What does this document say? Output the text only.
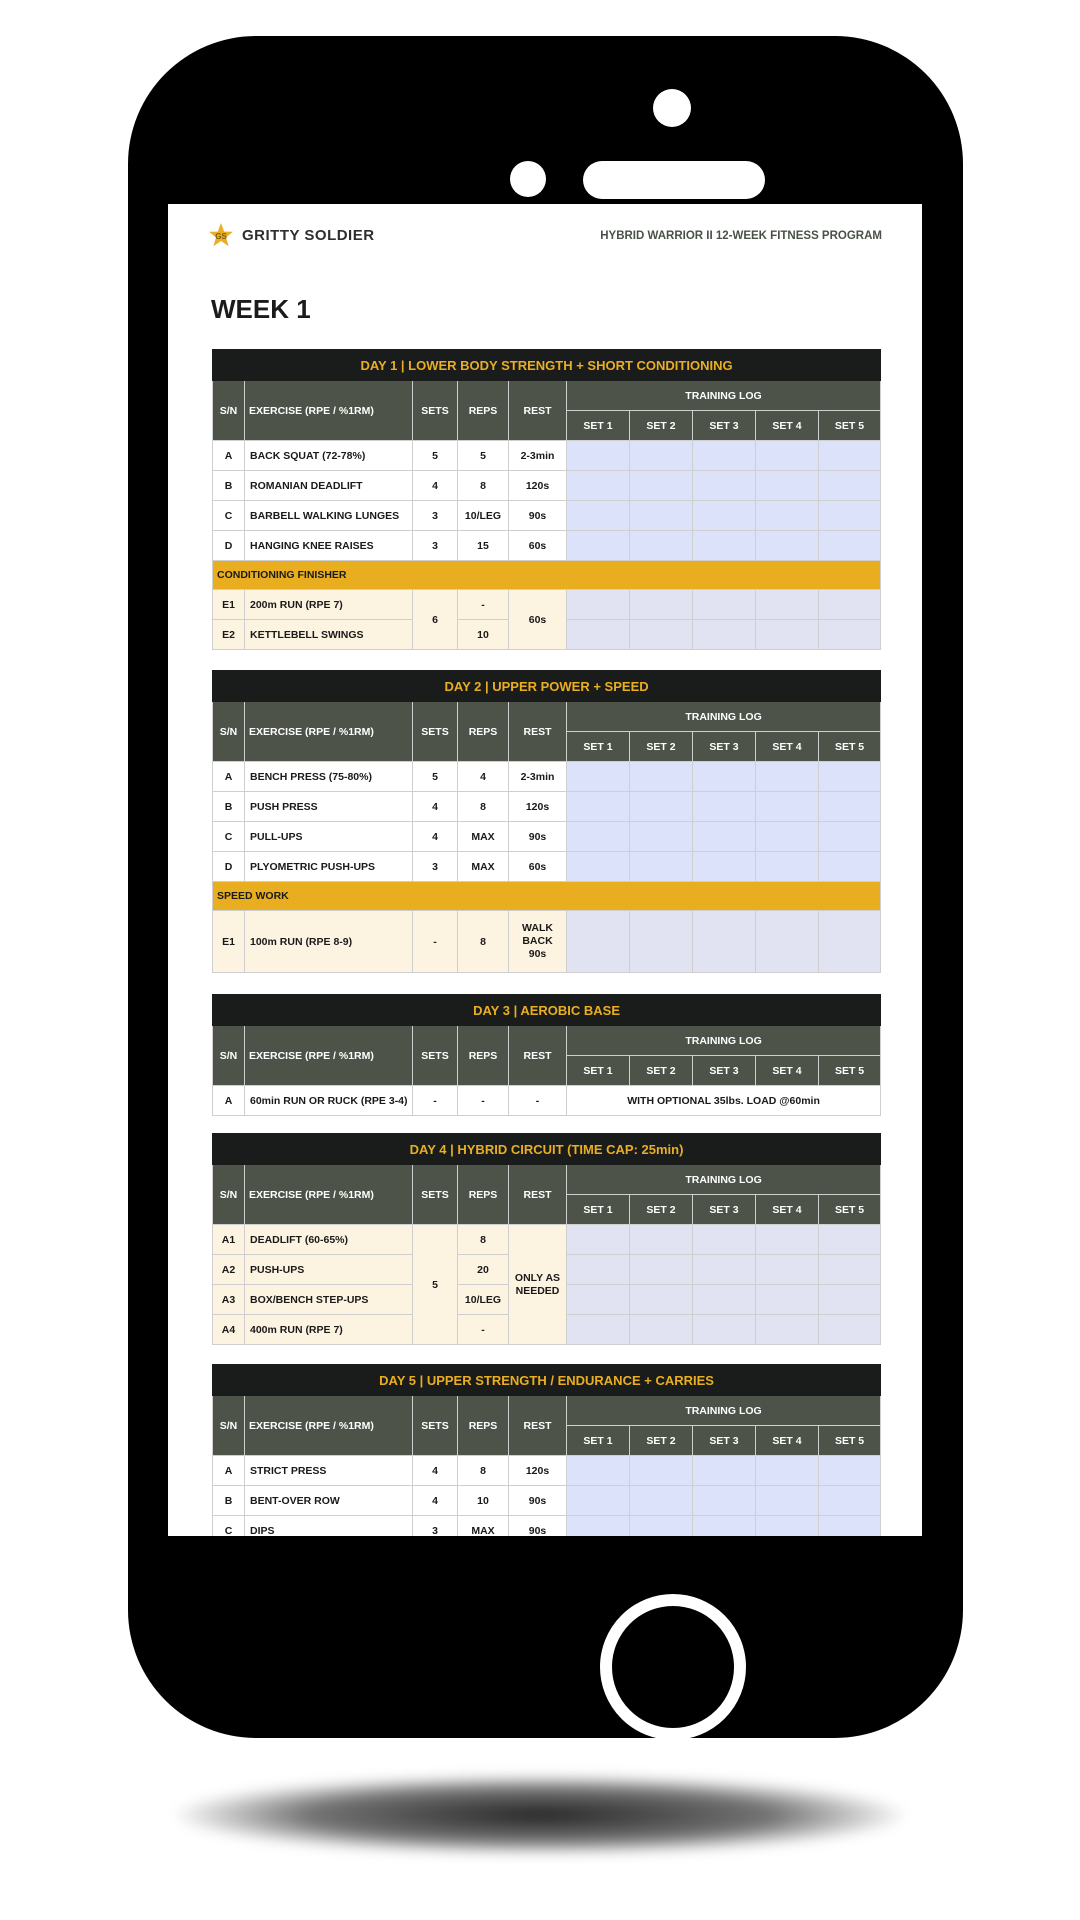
GS GRITTY SOLDIER	HYBRID WARRIOR II 12-WEEK FITNESS PROGRAM
WEEK 1
DAY 1 | LOWER BODY STRENGTH + SHORT CONDITIONING									
S/N	EXERCISE (RPE / %1RM)	SETS	REPS	REST	TRAINING LOG				
					SET 1	SET 2	SET 3	SET 4	SET 5
A	BACK SQUAT (72-78%)	5	5	2-3min					
B	ROMANIAN DEADLIFT	4	8	120s					
C	BARBELL WALKING LUNGES	3	10/LEG	90s					
D	HANGING KNEE RAISES	3	15	60s					
CONDITIONING FINISHER									
E1	200m RUN (RPE 7)	6	-	60s					
E2	KETTLEBELL SWINGS		10						
DAY 2 | UPPER POWER + SPEED									
S/N	EXERCISE (RPE / %1RM)	SETS	REPS	REST	TRAINING LOG				
					SET 1	SET 2	SET 3	SET 4	SET 5
A	BENCH PRESS (75-80%)	5	4	2-3min					
B	PUSH PRESS	4	8	120s					
C	PULL-UPS	4	MAX	90s					
D	PLYOMETRIC PUSH-UPS	3	MAX	60s					
SPEED WORK									
E1	100m RUN (RPE 8-9)	-	8	WALK
BACK
90s					

DAY 3 | AEROBIC BASE									
S/N	EXERCISE (RPE / %1RM)	SETS	REPS	REST	TRAINING LOG				
					SET 1	SET 2	SET 3	SET 4	SET 5
A	60min RUN OR RUCK (RPE 3-4)	-	-	-	WITH OPTIONAL 35lbs. LOAD @60min				
DAY 4 | HYBRID CIRCUIT (TIME CAP: 25min)									
S/N	EXERCISE (RPE / %1RM)	SETS	REPS	REST	TRAINING LOG				
					SET 1	SET 2	SET 3	SET 4	SET 5
A1	DEADLIFT (60-65%)	5	8	ONLY AS
NEEDED					

A2	PUSH-UPS		20						
A3	BOX/BENCH STEP-UPS		10/LEG						
A4	400m RUN (RPE 7)		-						
DAY 5 | UPPER STRENGTH / ENDURANCE + CARRIES									
S/N	EXERCISE (RPE / %1RM)	SETS	REPS	REST	TRAINING LOG				
					SET 1	SET 2	SET 3	SET 4	SET 5
A	STRICT PRESS	4	8	120s					
B	BENT-OVER ROW	4	10	90s					
C	DIPS	3	MAX	90s					
